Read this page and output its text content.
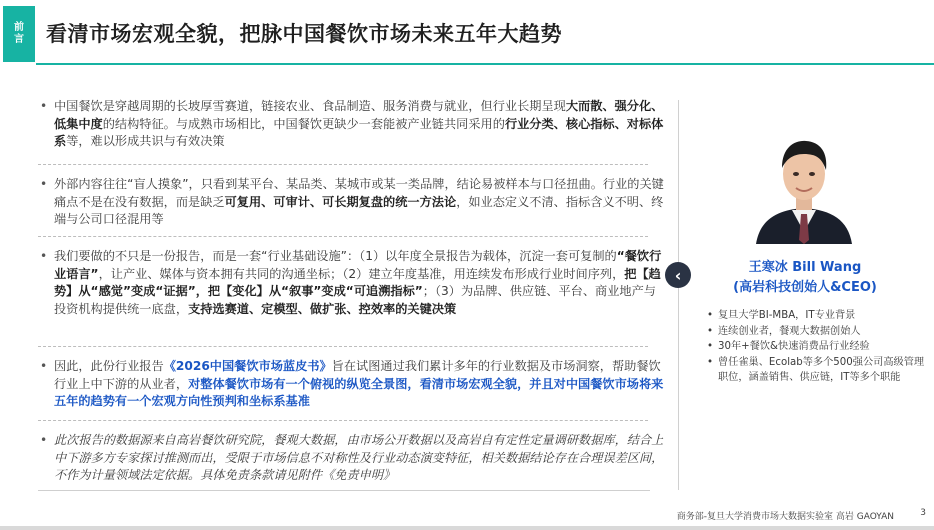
前
言 看清市场宏观全貌，把脉中国餐饮市场未来五年大趋势
• 中国餐饮是穿越周期的长坡厚雪赛道，链接农业、食品制造、服务消费与就业，但行业长期呈现大而散、强分化、低集中度的结构特征。与成熟市场相比，中国餐饮更缺少一套能被产业链共同采用的行业分类、核心指标、对标体系等，难以形成共识与有效决策
• 外部内容往往“盲人摸象”，只看到某平台、某品类、某城市或某一类品牌，结论易被样本与口径扭曲。行业的关键痛点不是在没有数据，而是缺乏可复用、可审计、可长期复盘的统一方法论，如业态定义不清、指标含义不明、终端与公司口径混用等
• 我们要做的不只是一份报告，而是一套“行业基础设施”：（1）以年度全景报告为载体，沉淀一套可复制的“餐饮行业语言”，让产业、媒体与资本拥有共同的沟通坐标；（2）建立年度基准，用连续发布形成行业时间序列，把【趋势】从“感觉”变成“证据”，把【变化】从“叙事”变成“可追溯指标”；（3）为品牌、供应链、平台、商业地产与投资机构提供统一底盘，支持选赛道、定模型、做扩张、控效率的关键决策
• 因此，此份行业报告《2026中国餐饮市场蓝皮书》旨在试图通过我们累计多年的行业数据及市场洞察，帮助餐饮行业上中下游的从业者，对整体餐饮市场有一个俯视的纵览全景图，看清市场宏观全貌，并且对中国餐饮市场将来五年的趋势有一个宏观方向性预判和坐标系基准
• 此次报告的数据源来自高岩餐饮研究院，餐观大数据，由市场公开数据以及高岩自有定性定量调研数据库，结合上中下游多方专家探讨推测而出，受限于市场信息不对称性及行业动态演变特征，相关数据结论存在合理误差区间，不作为计量领域法定依据。具体免责条款请见附件《免责申明》
‹	王寒冰 Bill Wang
(高岩科技创始人&CEO)
• 复旦大学BI-MBA，IT专业背景
• 连续创业者，餐观大数据创始人
• 30年+餐饮&快速消费品行业经验
• 曾任雀巢、Ecolab等多个500强公司高级管理职位，涵盖销售、供应链，IT等多个职能
商务部-复旦大学消费市场大数据实验室 高岩 GAOYAN	3
